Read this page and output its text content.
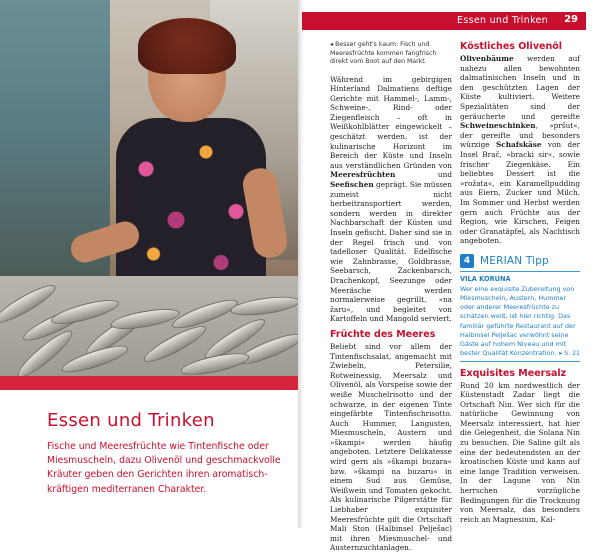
Essen und Trinken
Fische und Meeresfrüchte wie Tintenfische oder Miesmuscheln, dazu Olivenöl und geschmackvolle Kräuter geben den Gerichten ihren aromatisch-kräftigen mediterranen Charakter.
Essen und Trinken 29

◂ Besser geht's kaum: Fisch und Meeresfrüchte kommen fangfrisch direkt vom Boot auf den Markt.

Während im gebirgigen Hinterland Dalmatiens deftige Gerichte mit Hammel-, Lamm-, Schweine-, Rind- oder Ziegenfleisch – oft in Weißkohlblätter eingewickelt – geschätzt werden, ist der kulinarische Horizont im Bereich der Küste und Inseln aus verständlichen Gründen von Meeresfrüchten und Seefischen geprägt. Sie müssen zumeist nicht herbeitransportiert werden, sondern werden in direkter Nachbarschaft der Küsten und Inseln gefischt. Daher sind sie in der Regel frisch und von tadelloser Qualität. Edelfische wie Zahnbrasse, Goldbrasse, Seebarsch, Zackenbarsch, Drachenkopf, Seezunge oder Meeräsche werden normalerweise gegrillt, »na žaru«, und begleitet von Kartoffeln und Mangold serviert.

Früchte des Meeres

Beliebt sind vor allem der Tintenfischsalat, angemacht mit Zwiebeln, Petersilie, Rotweinessig, Meersalz und Olivenöl, als Vorspeise sowie der weiße Muschelrisotto und der schwarze, in der eigenen Tinte eingefärbte Tintenfischrisotto. Auch Hummer, Langusten, Miesmuscheln, Austern und »škampi« werden häufig angeboten. Letztere Delikatesse wird gern als »škampi buzara« bzw. »škampi na buzaru« in einem Sud aus Gemüse, Weißwein und Tomaten gekocht. Als kulinarische Pilgerstätte für Liebhaber exquisiter Meeresfrüchte gilt die Ortschaft Mali Ston (Halbinsel Pelješac) mit ihren Miesmuschel- und Austernzuchtanlagen.

Köstliches Olivenöl

Olivenbäume werden auf nahezu allen bewohnten dalmatinischen Inseln und in den geschützten Lagen der Küste kultiviert. Weitere Spezialitäten sind der geräucherte und gereifte Schweineschinken, »pršut«, der gereifte und besonders würzige Schafskäse von der Insel Brač, »bracki sir«, sowie frischer Ziegenkäse. Ein beliebtes Dessert ist die »rožata«, ein Karamellpudding aus Eiern, Zucker und Milch. Im Sommer und Herbst werden gern auch Früchte aus der Region, wie Kirschen, Feigen oder Granatäpfel, als Nachtisch angeboten.

4 MERIAN Tipp
VILA KORUNA

Wer eine exquisite Zubereitung von Miesmuscheln, Austern, Hummer oder anderer Meeresfrüchte zu schätzen weiß, ist hier richtig. Das familiär geführte Restaurant auf der Halbinsel Pelješac verwöhnt seine Gäste auf hohem Niveau und mit bester Qualität Konzentration. ▸ S. 21
Exquisites Meersalz

Rund 20 km nordwestlich der Küstenstadt Zadar liegt die Ortschaft Nin. Wer sich für die natürliche Gewinnung von Meersalz interessiert, hat hier die Gelegenheit, die Solana Nin zu besuchen. Die Saline gilt als eine der bedeutendsten an der kroatischen Küste und kann auf eine lange Tradition verweisen. In der Lagune von Nin herrschen vorzügliche Bedingungen für die Trocknung von Meersalz, das besonders reich an Magnesium, Kal-
